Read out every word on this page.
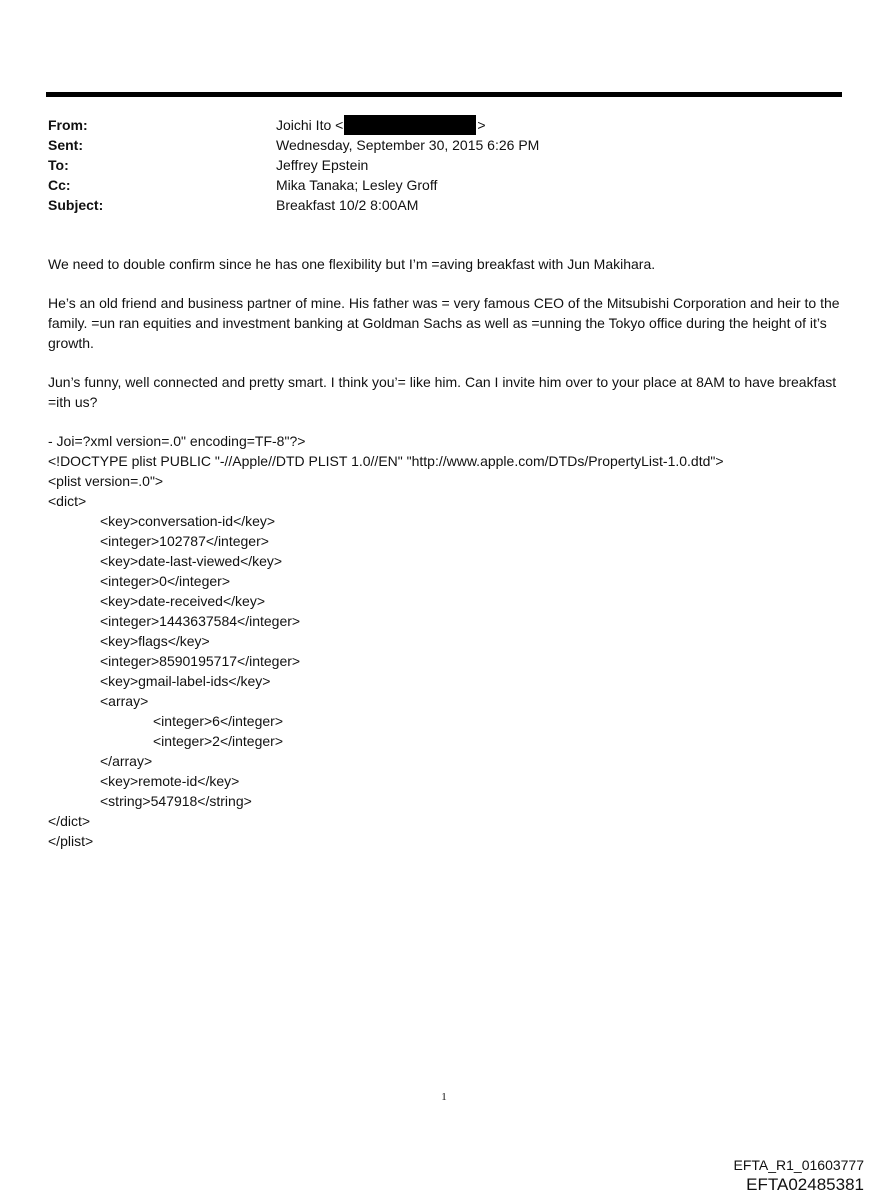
From:	Joichi Ito <	>
Sent:	Wednesday, September 30, 2015 6:26 PM
To:	Jeffrey Epstein
Cc:	Mika Tanaka; Lesley Groff
Subject:	Breakfast 10/2 8:00AM

We need to double confirm since he has one flexibility but I’m =aving breakfast with Jun Makihara.

He’s an old friend and business partner of mine. His father was = very famous CEO of the Mitsubishi Corporation and heir to the family. =un ran equities and investment banking at Goldman Sachs as well as =unning the Tokyo office during the height of it’s growth.

Jun’s funny, well connected and pretty smart. I think you’= like him. Can I invite him over to your place at 8AM to have breakfast =ith us?

- Joi=?xml version=.0" encoding=TF-8"?>
<!DOCTYPE plist PUBLIC "-//Apple//DTD PLIST 1.0//EN" "http://www.apple.com/DTDs/PropertyList-1.0.dtd">
<plist version=.0">
<dict>
<key>conversation-id</key>
<integer>102787</integer>
<key>date-last-viewed</key>
<integer>0</integer>
<key>date-received</key>
<integer>1443637584</integer>
<key>flags</key>
<integer>8590195717</integer>
<key>gmail-label-ids</key>
<array>
<integer>6</integer>
<integer>2</integer>
</array>
<key>remote-id</key>
<string>547918</string>
</dict>
</plist>
1
EFTA_R1_01603777
EFTA02485381
